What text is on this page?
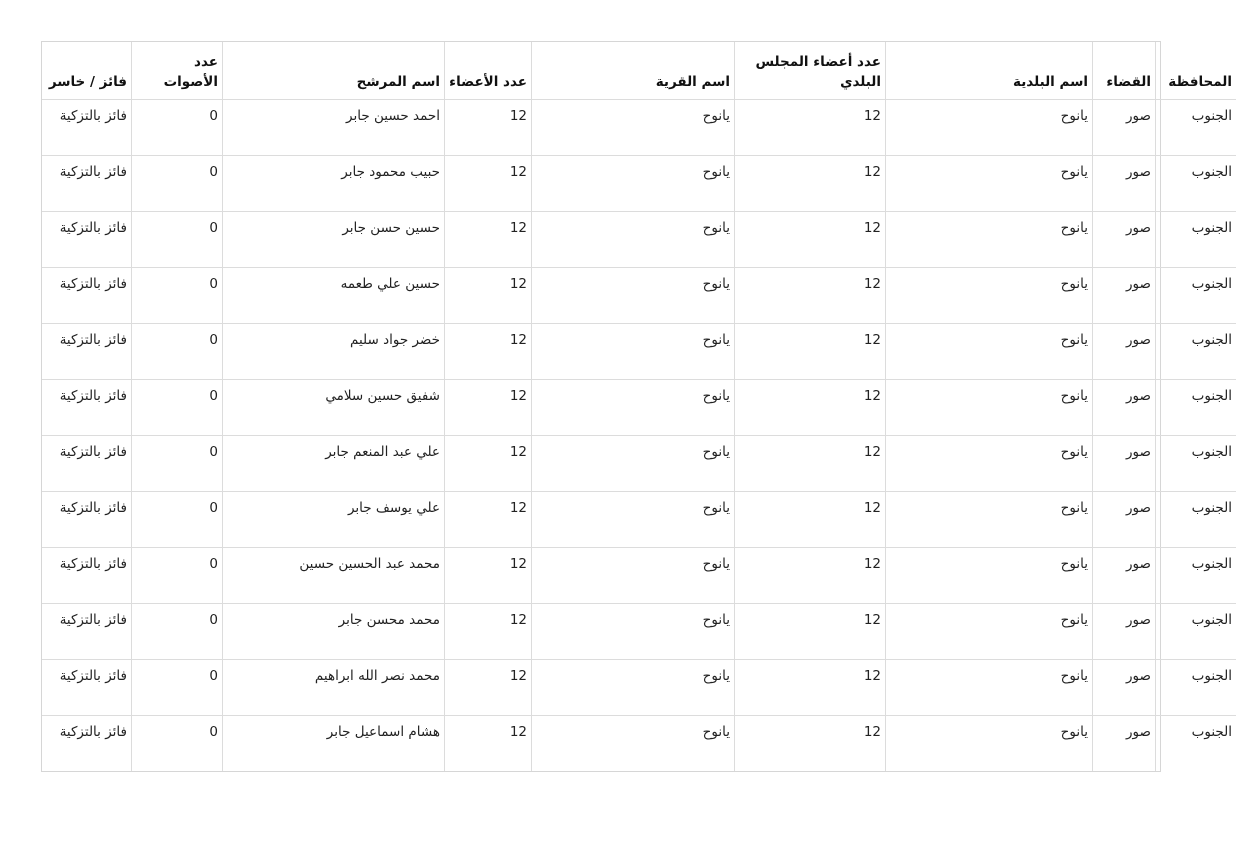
المحافظة	القضاء	اسم البلدية	عدد أعضاء المجلس البلدي	اسم القرية	عدد الأعضاء	اسم المرشح	عدد الأصوات	فائز / خاسر
الجنوب	صور	يانوح	12	يانوح	12	احمد حسين جابر	0	فائز بالتزكية
الجنوب	صور	يانوح	12	يانوح	12	حبيب محمود جابر	0	فائز بالتزكية
الجنوب	صور	يانوح	12	يانوح	12	حسين حسن جابر	0	فائز بالتزكية
الجنوب	صور	يانوح	12	يانوح	12	حسين علي طعمه	0	فائز بالتزكية
الجنوب	صور	يانوح	12	يانوح	12	خضر جواد سليم	0	فائز بالتزكية
الجنوب	صور	يانوح	12	يانوح	12	شفيق حسين سلامي	0	فائز بالتزكية
الجنوب	صور	يانوح	12	يانوح	12	علي عبد المنعم جابر	0	فائز بالتزكية
الجنوب	صور	يانوح	12	يانوح	12	علي يوسف جابر	0	فائز بالتزكية
الجنوب	صور	يانوح	12	يانوح	12	محمد عبد الحسين حسين	0	فائز بالتزكية
الجنوب	صور	يانوح	12	يانوح	12	محمد محسن جابر	0	فائز بالتزكية
الجنوب	صور	يانوح	12	يانوح	12	محمد نصر الله ابراهيم	0	فائز بالتزكية
الجنوب	صور	يانوح	12	يانوح	12	هشام اسماعيل جابر	0	فائز بالتزكية
